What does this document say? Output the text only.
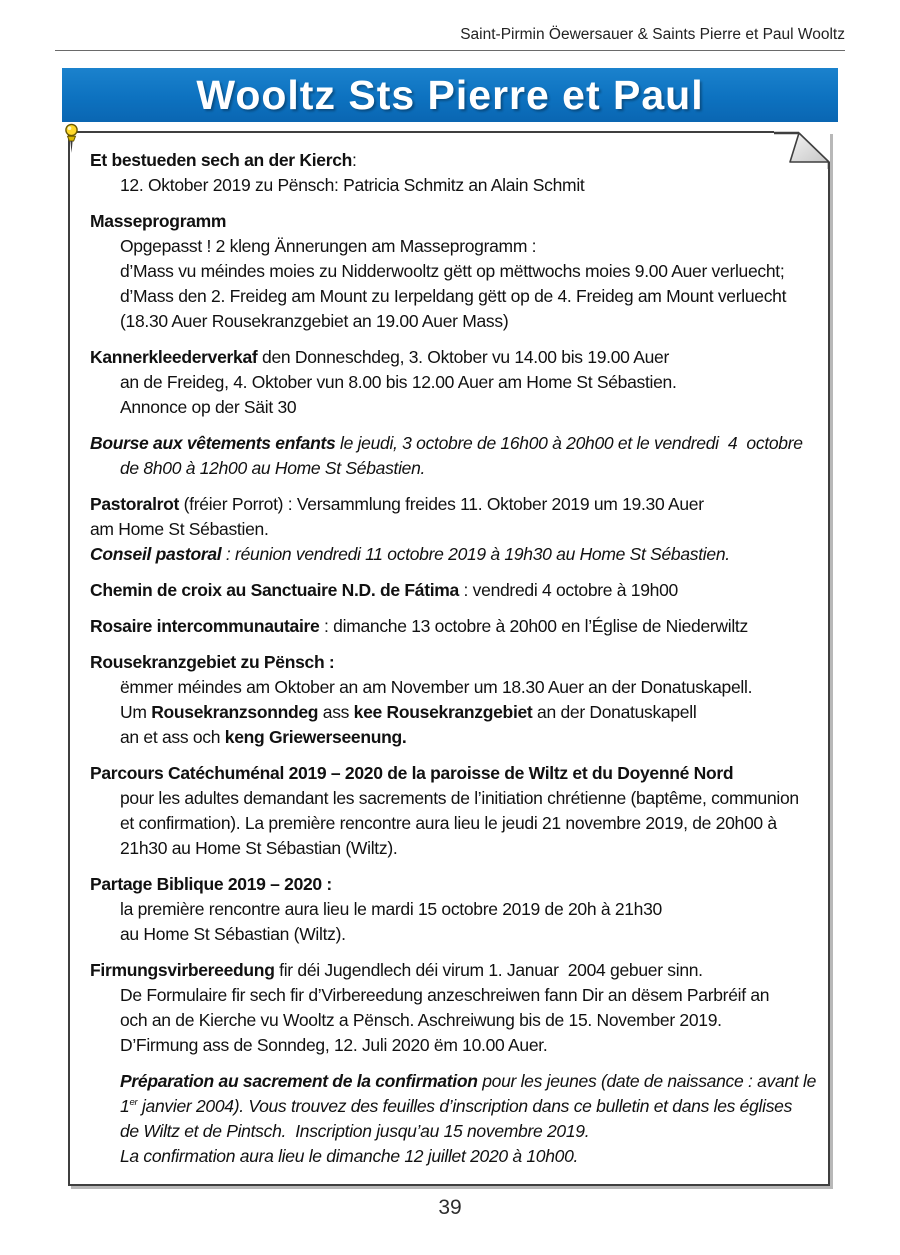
Saint-Pirmin Öewersauer & Saints Pierre et Paul Wooltz
Wooltz Sts Pierre et Paul
Et bestueden sech an der Kierch:
12. Oktober 2019 zu Pënsch: Patricia Schmitz an Alain Schmit
Masseprogramm
Opgepasst ! 2 kleng Ännerungen am Masseprogramm :
d’Mass vu méindes moies zu Nidderwooltz gëtt op mëttwochs moies 9.00 Auer verluecht;
d’Mass den 2. Freideg am Mount zu Ierpeldang gëtt op de 4. Freideg am Mount verluecht
(18.30 Auer Rousekranzgebiet an 19.00 Auer Mass)
Kannerkleederverkaf den Donneschdeg, 3. Oktober vu 14.00 bis 19.00 Auer
an de Freideg, 4. Oktober vun 8.00 bis 12.00 Auer am Home St Sébastien.
Annonce op der Säit 30
Bourse aux vêtements enfants le jeudi, 3 octobre de 16h00 à 20h00 et le vendredi  4  octobre
de 8h00 à 12h00 au Home St Sébastien.
Pastoralrot (fréier Porrot) : Versammlung freides 11. Oktober 2019 um 19.30 Auer
am Home St Sébastien.
Conseil pastoral : réunion vendredi 11 octobre 2019 à 19h30 au Home St Sébastien.
Chemin de croix au Sanctuaire N.D. de Fátima : vendredi 4 octobre à 19h00
Rosaire intercommunautaire : dimanche 13 octobre à 20h00 en l’Église de Niederwiltz
Rousekranzgebiet zu Pënsch :
ëmmer méindes am Oktober an am November um 18.30 Auer an der Donatuskapell.
Um Rousekranzsonndeg ass kee Rousekranzgebiet an der Donatuskapell
an et ass och keng Griewerseenung.
Parcours Catéchuménal 2019 – 2020 de la paroisse de Wiltz et du Doyenné Nord
pour les adultes demandant les sacrements de l’initiation chrétienne (baptême, communion
et confirmation). La première rencontre aura lieu le jeudi 21 novembre 2019, de 20h00 à
21h30 au Home St Sébastian (Wiltz).
Partage Biblique 2019 – 2020 :
la première rencontre aura lieu le mardi 15 octobre 2019 de 20h à 21h30
au Home St Sébastian (Wiltz).
Firmungsvirbereedung fir déi Jugendlech déi virum 1. Januar  2004 gebuer sinn.
De Formulaire fir sech fir d’Virbereedung anzeschreiwen fann Dir an dësem Parbréif an
och an de Kierche vu Wooltz a Pënsch. Aschreiwung bis de 15. November 2019.
D’Firmung ass de Sonndeg, 12. Juli 2020 ëm 10.00 Auer.
Préparation au sacrement de la confirmation pour les jeunes (date de naissance : avant le
1er janvier 2004). Vous trouvez des feuilles d’inscription dans ce bulletin et dans les églises
de Wiltz et de Pintsch.  Inscription jusqu’au 15 novembre 2019.
La confirmation aura lieu le dimanche 12 juillet 2020 à 10h00.
39
